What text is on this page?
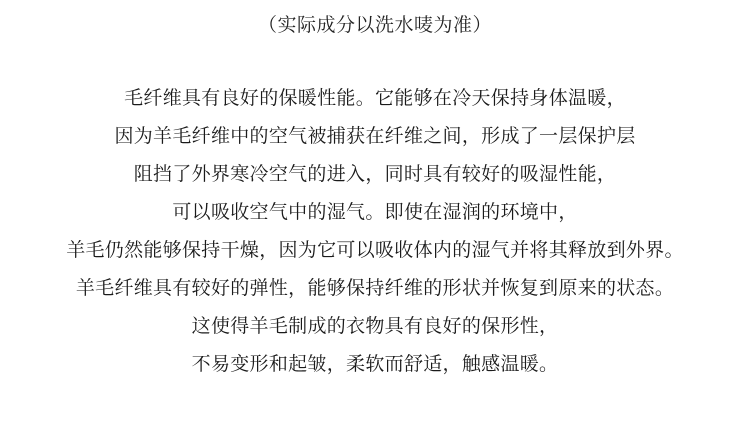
（实际成分以洗水唛为准）
毛纤维具有良好的保暖性能。它能够在冷天保持身体温暖，
因为羊毛纤维中的空气被捕获在纤维之间，形成了一层保护层
阻挡了外界寒冷空气的进入，同时具有较好的吸湿性能，
可以吸收空气中的湿气。即使在湿润的环境中，
羊毛仍然能够保持干燥，因为它可以吸收体内的湿气并将其释放到外界。
羊毛纤维具有较好的弹性，能够保持纤维的形状并恢复到原来的状态。
这使得羊毛制成的衣物具有良好的保形性，
不易变形和起皱，柔软而舒适，触感温暖。
